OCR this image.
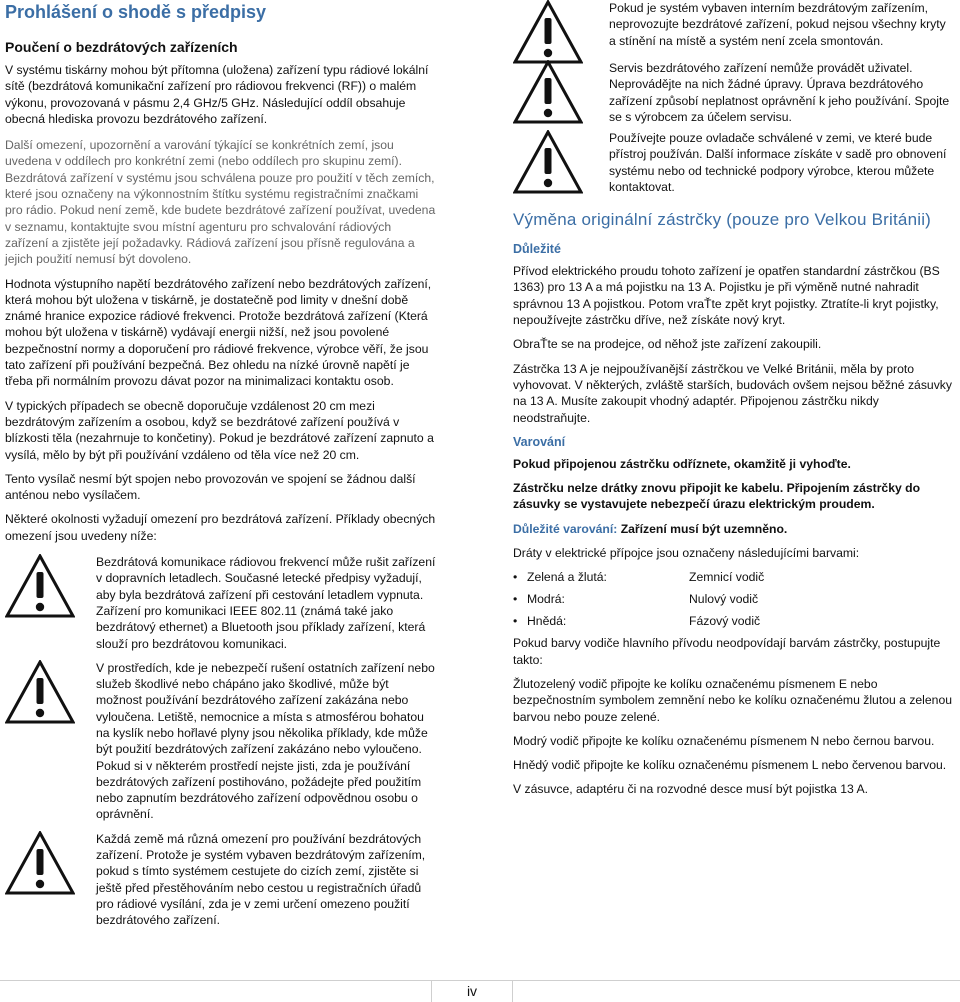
Prohlášení o shodě s předpisy
Poučení o bezdrátových zařízeních

V systému tiskárny mohou být přítomna (uložena) zařízení typu rádiové lokální sítě (bezdrátová komunikační zařízení pro rádiovou frekvenci (RF)) o malém výkonu, provozovaná v pásmu 2,4 GHz/5 GHz. Následující oddíl obsahuje obecná hlediska provozu bezdrátového zařízení.

Další omezení, upozornění a varování týkající se konkrétních zemí, jsou uvedena v oddílech pro konkrétní zemi (nebo oddílech pro skupinu zemí). Bezdrátová zařízení v systému jsou schválena pouze pro použití v těch zemích, které jsou označeny na výkonnostním štítku systému registračními značkami pro rádio. Pokud není země, kde budete bezdrátové zařízení používat, uvedena v seznamu, kontaktujte svou místní agenturu pro schvalování rádiových zařízení a zjistěte její požadavky. Rádiová zařízení jsou přísně regulována a jejich použití nemusí být dovoleno.

Hodnota výstupního napětí bezdrátového zařízení nebo bezdrátových zařízení, která mohou být uložena v tiskárně, je dostatečně pod limity v dnešní době známé hranice expozice rádiové frekvenci. Protože bezdrátová zařízení (Která mohou být uložena v tiskárně) vydávají energii nižší, než jsou povolené bezpečnostní normy a doporučení pro rádiové frekvence, výrobce věří, že jsou tato zařízení při používání bezpečná. Bez ohledu na nízké úrovně napětí je třeba při normálním provozu dávat pozor na minimalizaci kontaktu osob.

V typických případech se obecně doporučuje vzdálenost 20 cm mezi bezdrátovým zařízením a osobou, když se bezdrátové zařízení používá v blízkosti těla (nezahrnuje to končetiny). Pokud je bezdrátové zařízení zapnuto a vysílá, mělo by být při používání vzdáleno od těla více než 20 cm.

Tento vysílač nesmí být spojen nebo provozován ve spojení se žádnou další anténou nebo vysílačem.

Některé okolnosti vyžadují omezení pro bezdrátová zařízení. Příklady obecných omezení jsou uvedeny níže:

Bezdrátová komunikace rádiovou frekvencí může rušit zařízení v dopravních letadlech. Současné letecké předpisy vyžadují, aby byla bezdrátová zařízení při cestování letadlem vypnuta. Zařízení pro komunikaci IEEE 802.11 (známá také jako bezdrátový ethernet) a Bluetooth jsou příklady zařízení, která slouží pro bezdrátovou komunikaci.

V prostředích, kde je nebezpečí rušení ostatních zařízení nebo služeb škodlivé nebo chápáno jako škodlivé, může být možnost používání bezdrátového zařízení zakázána nebo vyloučena. Letiště, nemocnice a místa s atmosférou bohatou na kyslík nebo hořlavé plyny jsou několika příklady, kde může být použití bezdrátových zařízení zakázáno nebo vyloučeno. Pokud si v některém prostředí nejste jisti, zda je používání bezdrátových zařízení postihováno, požádejte před použitím nebo zapnutím bezdrátového zařízení odpovědnou osobu o oprávnění.

Každá země má různá omezení pro používání bezdrátových zařízení. Protože je systém vybaven bezdrátovým zařízením, pokud s tímto systémem cestujete do cizích zemí, zjistěte si ještě před přestěhováním nebo cestou u registračních úřadů pro rádiové vysílání, zda je v zemi určení omezeno použití bezdrátového zařízení.

Pokud je systém vybaven interním bezdrátovým zařízením, neprovozujte bezdrátové zařízení, pokud nejsou všechny kryty a stínění na místě a systém není zcela smontován.

Servis bezdrátového zařízení nemůže provádět uživatel. Neprovádějte na nich žádné úpravy. Úprava bezdrátového zařízení způsobí neplatnost oprávnění k jeho používání. Spojte se s výrobcem za účelem servisu.

Používejte pouze ovladače schválené v zemi, ve které bude přístroj používán. Další informace získáte v sadě pro obnovení systému nebo od technické podpory výrobce, kterou můžete kontaktovat.

Výměna originální zástrčky (pouze pro Velkou Británii)
Důležité

Přívod elektrického proudu tohoto zařízení je opatřen standardní zástrčkou (BS 1363) pro 13 A a má pojistku na 13 A. Pojistku je při výměně nutné nahradit správnou 13 A pojistkou. Potom vraŤte zpět kryt pojistky. Ztratíte-li kryt pojistky, nepoužívejte zástrčku dříve, než získáte nový kryt.

ObraŤte se na prodejce, od něhož jste zařízení zakoupili.

Zástrčka 13 A je nejpoužívanější zástrčkou ve Velké Británii, měla by proto vyhovovat. V některých, zvláště starších, budovách ovšem nejsou běžné zásuvky na 13 A. Musíte zakoupit vhodný adaptér. Připojenou zástrčku nikdy neodstraňujte.

Varování

Pokud připojenou zástrčku odříznete, okamžitě ji vyhoďte.

Zástrčku nelze drátky znovu připojit ke kabelu. Připojením zástrčky do zásuvky se vystavujete nebezpečí úrazu elektrickým proudem.

Důležité varování: Zařízení musí být uzemněno.

Dráty v elektrické přípojce jsou označeny následujícími barvami:

• Zelená a žlutá:	Zemnicí vodič
• Modrá:	Nulový vodič
• Hnědá:	Fázový vodič

Pokud barvy vodiče hlavního přívodu neodpovídají barvám zástrčky, postupujte takto:

Žlutozelený vodič připojte ke kolíku označenému písmenem E nebo bezpečnostním symbolem zemnění nebo ke kolíku označenému žlutou a zelenou barvou nebo pouze zelené.

Modrý vodič připojte ke kolíku označenému písmenem N nebo černou barvou.

Hnědý vodič připojte ke kolíku označenému písmenem L nebo červenou barvou.

V zásuvce, adaptéru či na rozvodné desce musí být pojistka 13 A.

iv
